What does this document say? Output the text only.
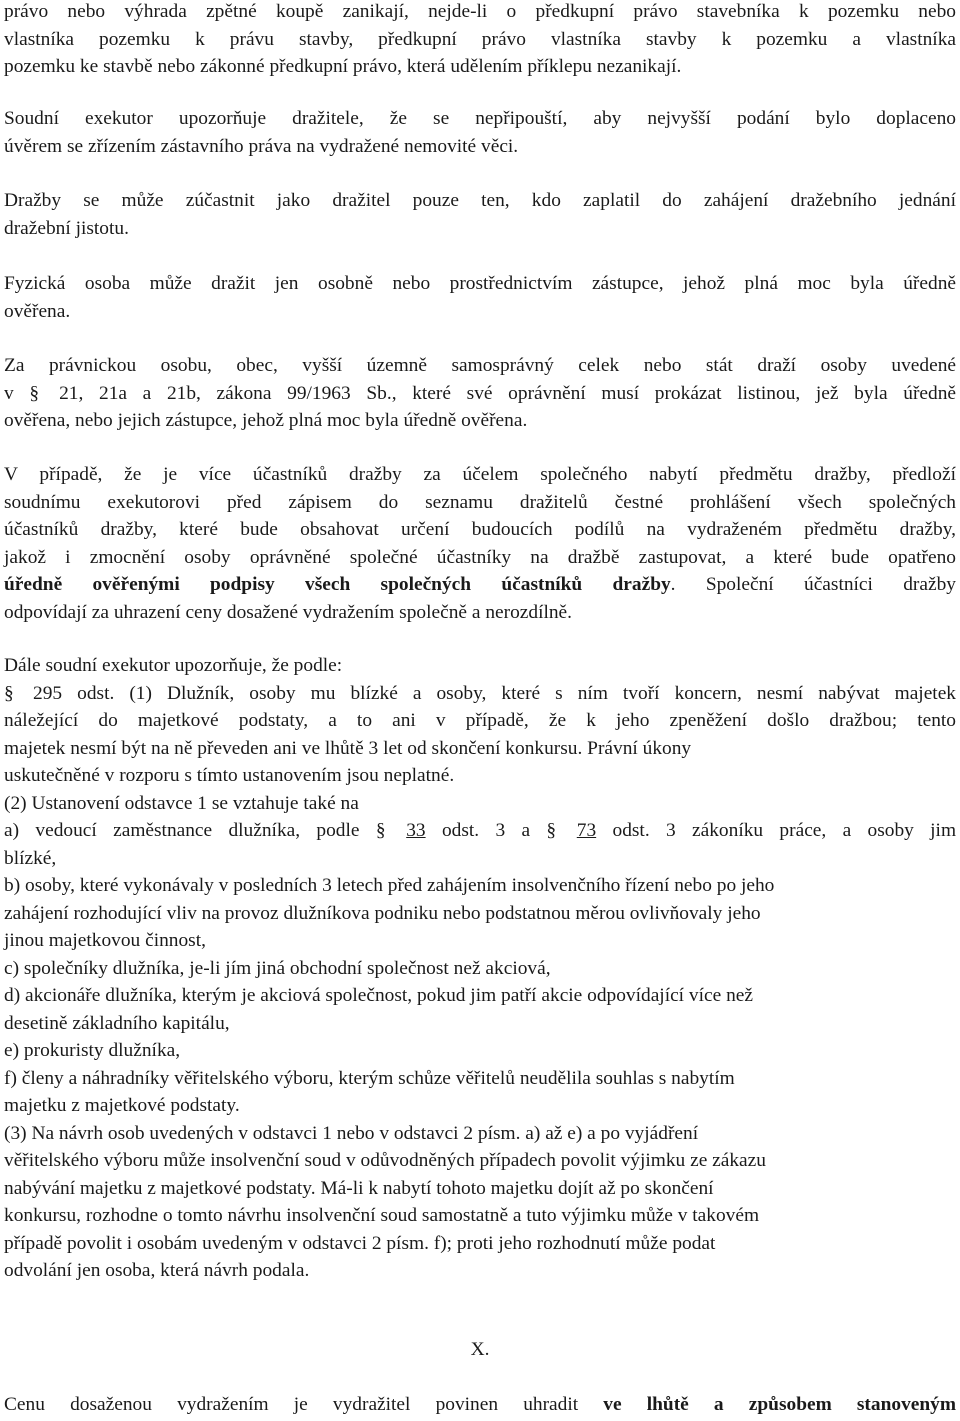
právo nebo výhrada zpětné koupě zanikají, nejde-li o předkupní právo stavebníka k pozemku nebo

vlastníka pozemku k právu stavby, předkupní právo vlastníka stavby k pozemku a vlastníka

pozemku ke stavbě nebo zákonné předkupní právo, která udělením příklepu nezanikají.

Soudní exekutor upozorňuje dražitele, že se nepřipouští, aby nejvyšší podání bylo doplaceno

úvěrem se zřízením zástavního práva na vydražené nemovité věci.

Dražby se může zúčastnit jako dražitel pouze ten, kdo zaplatil do zahájení dražebního jednání

dražební jistotu.

Fyzická osoba může dražit jen osobně nebo prostřednictvím zástupce, jehož plná moc byla úředně

ověřena.

Za právnickou osobu, obec, vyšší územně samosprávný celek nebo stát draží osoby uvedené

v § 21, 21a a 21b, zákona 99/1963 Sb., které své oprávnění musí prokázat listinou, jež byla úředně

ověřena, nebo jejich zástupce, jehož plná moc byla úředně ověřena.

V případě, že je více účastníků dražby za účelem společného nabytí předmětu dražby, předloží

soudnímu exekutorovi před zápisem do seznamu dražitelů čestné prohlášení všech společných

účastníků dražby, které bude obsahovat určení budoucích podílů na vydraženém předmětu dražby,

jakož i zmocnění osoby oprávněné společné účastníky na dražbě zastupovat, a které bude opatřeno

úředně ověřenými podpisy všech společných účastníků dražby. Společní účastníci dražby

odpovídají za uhrazení ceny dosažené vydražením společně a nerozdílně.

Dále soudní exekutor upozorňuje, že podle:

§ 295 odst. (1) Dlužník, osoby mu blízké a osoby, které s ním tvoří koncern, nesmí nabývat majetek

náležející do majetkové podstaty, a to ani v případě, že k jeho zpeněžení došlo dražbou; tento

majetek nesmí být na ně převeden ani ve lhůtě 3 let od skončení konkursu. Právní úkony

uskutečněné v rozporu s tímto ustanovením jsou neplatné.

(2) Ustanovení odstavce 1 se vztahuje také na

a) vedoucí zaměstnance dlužníka, podle § 33 odst. 3 a § 73 odst. 3 zákoníku práce, a osoby jim

blízké,

b) osoby, které vykonávaly v posledních 3 letech před zahájením insolvenčního řízení nebo po jeho

zahájení rozhodující vliv na provoz dlužníkova podniku nebo podstatnou měrou ovlivňovaly jeho

jinou majetkovou činnost,

c) společníky dlužníka, je-li jím jiná obchodní společnost než akciová,

d) akcionáře dlužníka, kterým je akciová společnost, pokud jim patří akcie odpovídající více než

desetině základního kapitálu,

e) prokuristy dlužníka,

f) členy a náhradníky věřitelského výboru, kterým schůze věřitelů neudělila souhlas s nabytím

majetku z majetkové podstaty.

(3) Na návrh osob uvedených v odstavci 1 nebo v odstavci 2 písm. a) až e) a po vyjádření

věřitelského výboru může insolvenční soud v odůvodněných případech povolit výjimku ze zákazu

nabývání majetku z majetkové podstaty. Má-li k nabytí tohoto majetku dojít až po skončení

konkursu, rozhodne o tomto návrhu insolvenční soud samostatně a tuto výjimku může v takovém

případě povolit i osobám uvedeným v odstavci 2 písm. f); proti jeho rozhodnutí může podat

odvolání jen osoba, která návrh podala.

X.

Cenu dosaženou vydražením je vydražitel povinen uhradit ve lhůtě a způsobem stanoveným
